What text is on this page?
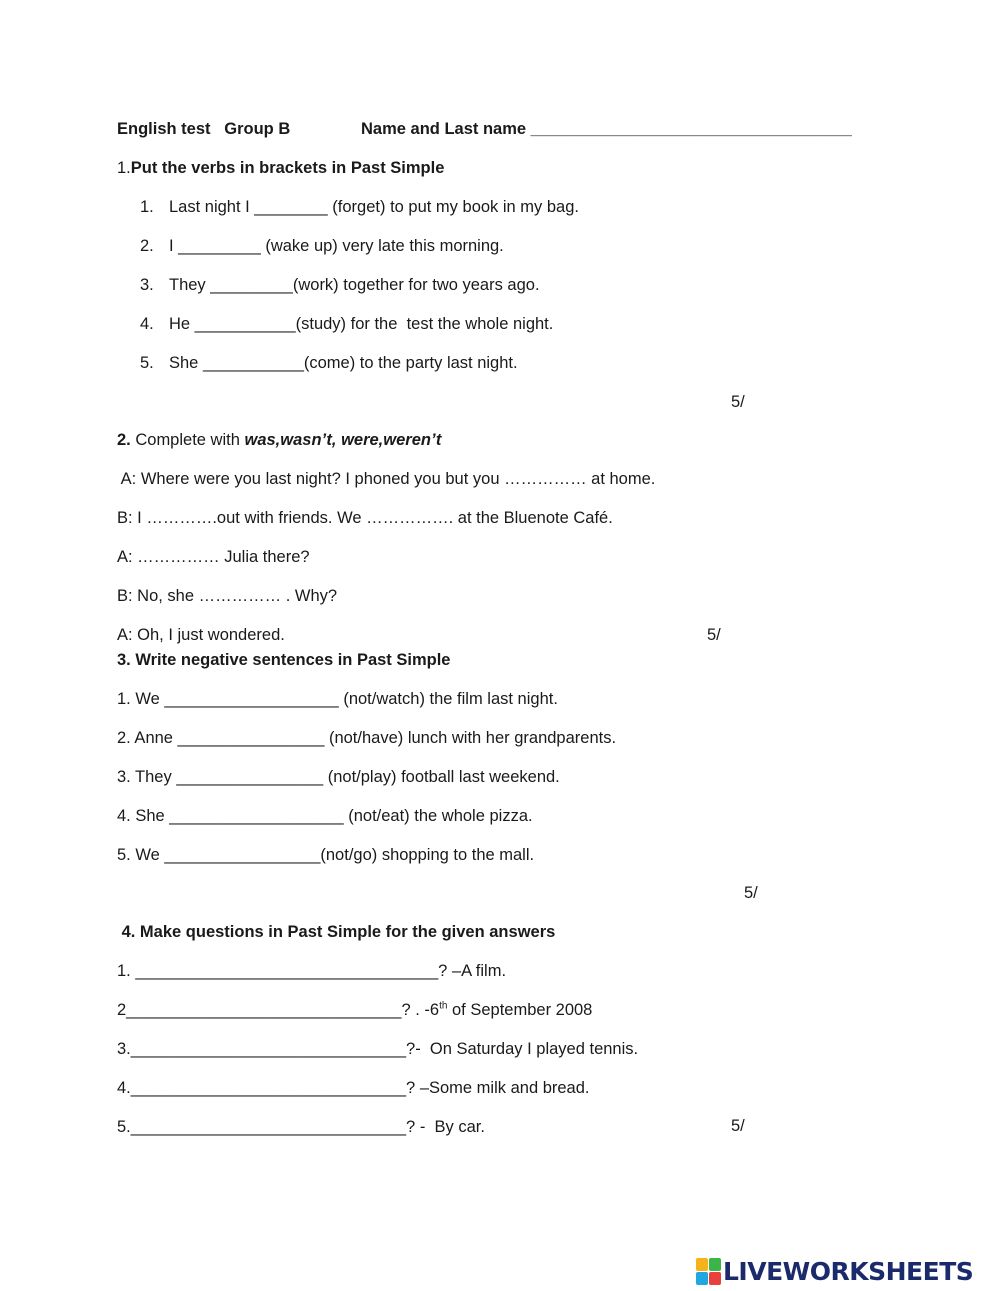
English test   Group B	Name and Last name ___________________________________
1.Put the verbs in brackets in Past Simple
1. Last night I ________ (forget) to put my book in my bag.
2. I _________ (wake up) very late this morning.
3. They _________(work) together for two years ago.
4. He ___________(study) for the  test the whole night.
5. She ___________(come) to the party last night.
5/
2. Complete with was,wasn’t, were,weren’t
A: Where were you last night? I phoned you but you …………… at home.
B: I ………….out with friends. We ……………. at the Bluenote Café.
A: …………… Julia there?
B: No, she …………… . Why?
A: Oh, I just wondered.	5/
3. Write negative sentences in Past Simple
1. We ___________________ (not/watch) the film last night.
2. Anne ________________ (not/have) lunch with her grandparents.
3. They ________________ (not/play) football last weekend.
4. She ___________________ (not/eat) the whole pizza.
5. We _________________(not/go) shopping to the mall.
5/
4. Make questions in Past Simple for the given answers
1. _________________________________? –A film.
2______________________________? . -6th of September 2008
3.______________________________?-  On Saturday I played tennis.
4.______________________________? –Some milk and bread.
5.______________________________? -  By car.	5/
LIVEWORKSHEETS
